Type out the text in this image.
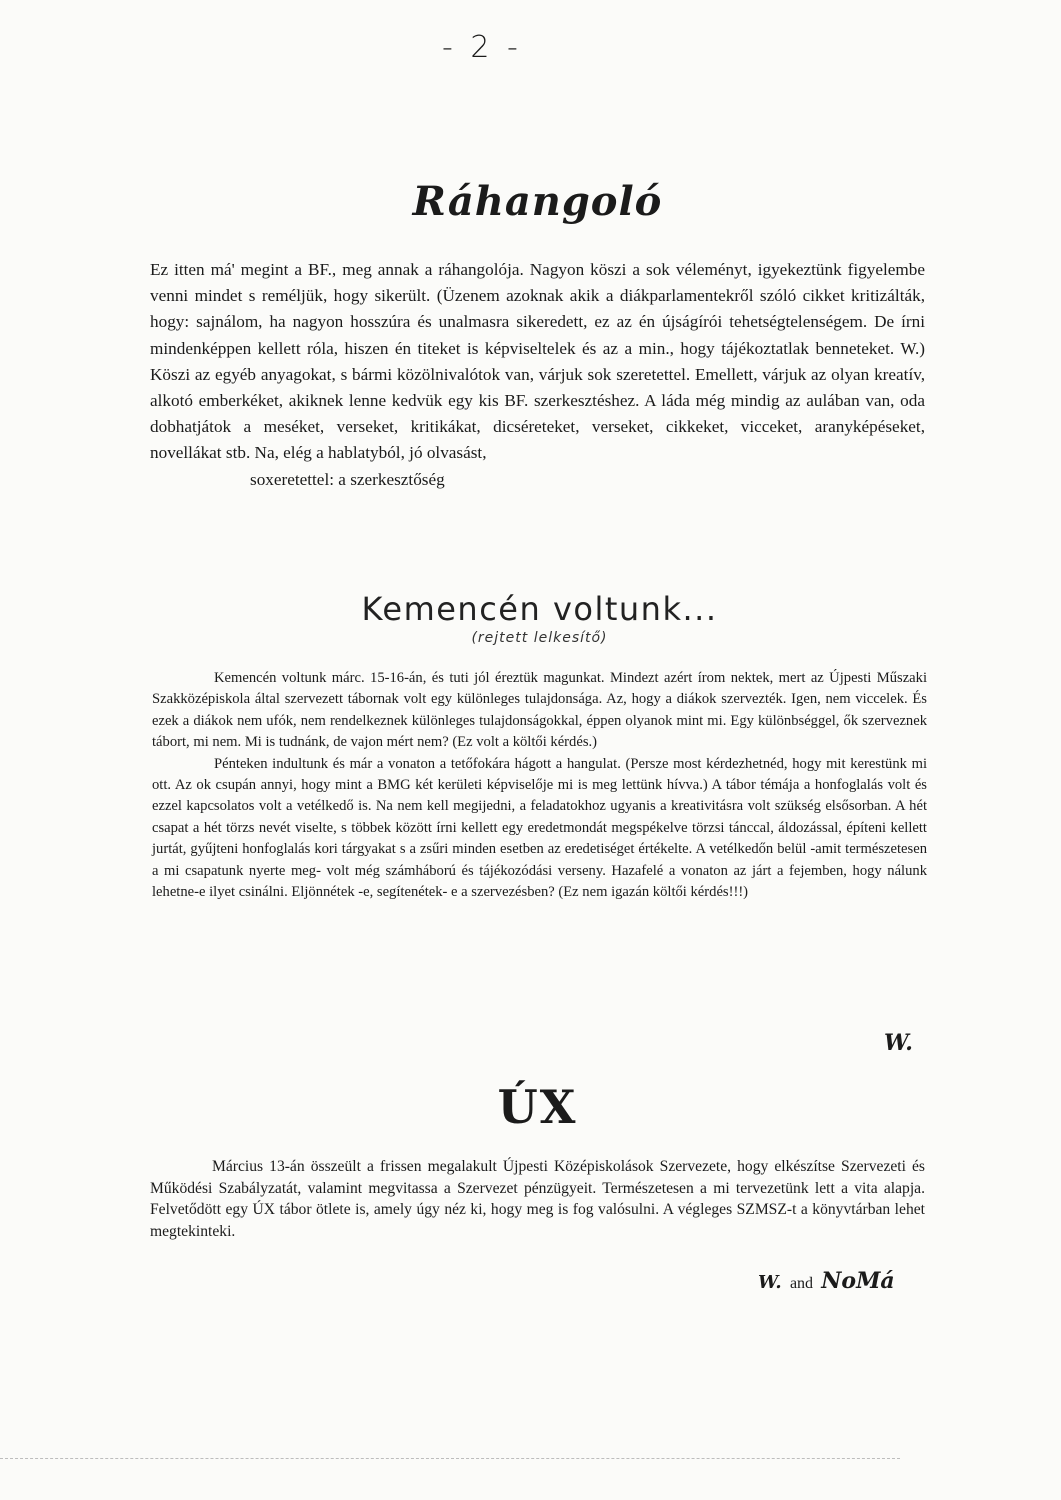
- 2 -
Ráhangoló

Ez itten má' megint a BF., meg annak a ráhangolója. Nagyon köszi a sok véleményt, igyekeztünk figyelembe venni mindet s reméljük, hogy sikerült. (Üzenem azoknak akik a diákparlamentekről szóló cikket kritizálták, hogy: sajnálom, ha nagyon hosszúra és unalmasra sikeredett, ez az én újságírói tehetségtelenségem. De írni mindenképpen kellett róla, hiszen én titeket is képviseltelek és az a min., hogy tájékoztatlak benneteket. W.) Köszi az egyéb anyagokat, s bármi közölnivalótok van, várjuk sok szeretettel. Emellett, várjuk az olyan kreatív, alkotó emberkéket, akiknek lenne kedvük egy kis BF. szerkesztéshez. A láda még mindig az aulában van, oda dobhatjátok a meséket, verseket, kritikákat, dicséreteket, verseket, cikkeket, vicceket, aranyképéseket, novellákat stb. Na, elég a hablatyból, jó olvasást,

soxeretettel: a szerkesztőség

Kemencén voltunk...
(rejtett lelkesítő)

Kemencén voltunk márc. 15-16-án, és tuti jól éreztük magunkat. Mindezt azért írom nektek, mert az Újpesti Műszaki Szakközépiskola által szervezett tábornak volt egy különleges tulajdonsága. Az, hogy a diákok szervezték. Igen, nem viccelek. És ezek a diákok nem ufók, nem rendelkeznek különleges tulajdonságokkal, éppen olyanok mint mi. Egy különbséggel, ők szerveznek tábort, mi nem. Mi is tudnánk, de vajon mért nem? (Ez volt a költői kérdés.)

Pénteken indultunk és már a vonaton a tetőfokára hágott a hangulat. (Persze most kérdezhetnéd, hogy mit kerestünk mi ott. Az ok csupán annyi, hogy mint a BMG két kerületi képviselője mi is meg lettünk hívva.) A tábor témája a honfoglalás volt és ezzel kapcsolatos volt a vetélkedő is. Na nem kell megijedni, a feladatokhoz ugyanis a kreativitásra volt szükség elsősorban. A hét csapat a hét törzs nevét viselte, s többek között írni kellett egy eredetmondát megspékelve törzsi tánccal, áldozással, építeni kellett jurtát, gyűjteni honfoglalás kori tárgyakat s a zsűri minden esetben az eredetiséget értékelte. A vetélkedőn belül -amit természetesen a mi csapatunk nyerte meg- volt még számháború és tájékozódási verseny. Hazafelé a vonaton az járt a fejemben, hogy nálunk lehetne-e ilyet csinálni. Eljönnétek -e, segítenétek- e a szervezésben? (Ez nem igazán költői kérdés!!!)

W.
ÚX

Március 13-án összeült a frissen megalakult Újpesti Középiskolások Szervezete, hogy elkészítse Szervezeti és Működési Szabályzatát, valamint megvitassa a Szervezet pénzügyeit. Természetesen a mi tervezetünk lett a vita alapja. Felvetődött egy ÚX tábor ötlete is, amely úgy néz ki, hogy meg is fog valósulni. A végleges SZMSZ-t a könyvtárban lehet megtekinteki.

W. and NoMá
